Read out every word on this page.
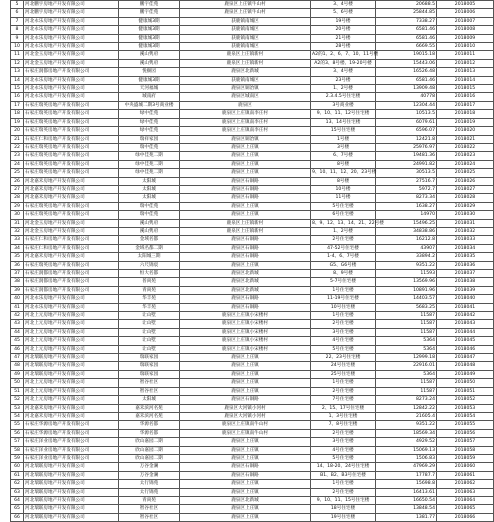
5	河北鹏宇房地产开发有限公司	鹏宇佳苑	鹿泉区上庄镇牛山村	3、4号楼	20688.5	2018005
6	河北鹏宇房地产开发有限公司	鹏宇佳苑	鹿泉区上庄镇牛山村	5、6号楼	25844.85	2018006
7	河北永乐房地产开发有限公司	健康城3期	获鹿镇南城区	19号楼	7338.27	2018007
8	河北永乐房地产开发有限公司	健康城3期	获鹿镇南城区	20号楼	6581.46	2018008
9	河北永乐房地产开发有限公司	健康城3期	获鹿镇南城区	21号楼	6581.46	2018009
10	河北永乐房地产开发有限公司	健康城3期	获鹿镇南城区	28号楼	6669.55	2018010
11	河北金玉房地产开发有限公司	溪山隽府	鹿泉区上庄镇新村	A2的1、2、6、7、10、11号楼	19015.18	2018011
12	河北金玉房地产开发有限公司	溪山隽府	鹿泉区上庄镇新村	A2的3、8号楼、19-20号楼	15443.06	2018012
13	石家庄润都房地产开发有限公司	悦颐园	鹿泉区北新城	3、4号楼	16526.48	2018013
14	河北永乐房地产开发有限公司	健康城3期	获鹿镇南城区	23号楼	6581.46	2018014
15	河北永乐房地产开发有限公司	天河福城	鹿泉区铜冶镇	1、2号楼	13909.48	2018015
16	河北永乐房地产开发有限公司	城南府	鹿泉区城南区	2.3.4.5号住宅楼	40778	2018016
17	石家庄瑞英房地产开发有限公司	中央盛城二期3号商业楼	鹿泉区	3号商业楼	12304.44	2018017
18	石家庄瑞英房地产开发有限公司	绿中佳苑	鹿泉区上庄镇南李庄村	9、10、11、12号住宅楼	10513.5	2018018
19	石家庄瑞英房地产开发有限公司	绿中佳苑	鹿泉区上庄镇南李庄村	13、14号住宅楼	6079.61	2018019
20	石家庄瑞英房地产开发有限公司	绿中佳苑	鹿泉区上庄镇南李庄村	15号住宅楼	6596.07	2018020
21	石家庄仁和房地产开发有限公司	瑞祥家园	鹿泉区铜冶镇	1号楼	12421.8	2018021
22	石家庄瑞英房地产开发有限公司	瑞中佳苑	鹿泉区上庄镇	3号楼	25976.97	2018022
23	石家庄瑞英房地产开发有限公司	绿中佳苑二期	鹿泉区上庄镇	6、7号楼	19481.36	2018023
24	石家庄瑞英房地产开发有限公司	绿中佳苑二期	鹿泉区上庄镇	8号楼	24991.82	2018024
25	石家庄瑞英房地产开发有限公司	绿中佳苑二期	鹿泉区上庄镇	9、10、11、12、20、23号楼	30513.5	2018025
26	河北嘉禾房地产开发有限公司	太阳城	鹿泉区石铜路	8号楼	27516.7	2018026
27	河北嘉禾房地产开发有限公司	太阳城	鹿泉区石铜路	10号楼	5972.7	2018027
28	河北嘉禾房地产开发有限公司	太阳城	鹿泉区石铜路	11号楼	8273.34	2018028
29	石家庄瑞英房地产开发有限公司	瑞中佳苑	鹿泉区上庄镇	5号住宅楼	1638.27	2018029
30	石家庄瑞英房地产开发有限公司	瑞中佳苑	鹿泉区上庄镇	6号住宅楼	14970	2018030
31	河北金玉房地产开发有限公司	溪山隽府	鹿泉区上庄镇新村	8、9、12、13、14、21、22号楼	15496.25	2018031
32	河北金玉房地产开发有限公司	溪山隽府	鹿泉区上庄镇新村	1、2号楼	34838.86	2018032
33	石家庄仁和房地产开发有限公司	金域名都	鹿泉区石铜路	2号住宅楼	16212.8	2018033
34	石家庄仁和房地产开发有限公司	金域名都二期	鹿泉区石铜路	47-52号住宅楼	43907	2018034
35	河北嘉禾房地产开发有限公司	太阳城三期	鹿泉区石铜路	1-4、6、7号楼	33894.2	2018035
36	石家庄瑞英房地产开发有限公司	六尺锦宸	鹿泉区上庄镇	G5、G6号楼	9351.22	2018036
37	石家庄润都房地产开发有限公司	恒大名都	鹿泉区北新城	8、9号楼	11593	2018037
38	石家庄润都房地产开发有限公司	普尚苑	鹿泉区北新城	5-7号住宅楼	13569.96	2018038
39	石家庄润都房地产开发有限公司	青尚苑	鹿泉区北新城	1号住宅楼	10891.96	2018039
40	河北永乐房地产开发有限公司	华丰苑	鹿泉区石铜路	11-19号住宅楼	14403.57	2018040
41	河北永乐房地产开发有限公司	华丰苑	鹿泉区石铜路	10号住宅楼	5683.25	2018041
42	河北上元房地产开发有限公司	让山墅	鹿泉区上庄镇小宋楼村	1号住宅楼	11587	2018042
43	河北上元房地产开发有限公司	让山墅	鹿泉区上庄镇小宋楼村	2号住宅楼	11587	2018043
44	河北上元房地产开发有限公司	让山墅	鹿泉区上庄镇小宋楼村	3号住宅楼	11587	2018044
45	河北上元房地产开发有限公司	让山墅	鹿泉区上庄镇小宋楼村	4号住宅楼	5364	2018045
46	河北上元房地产开发有限公司	让山墅	鹿泉区上庄镇小宋楼村	5号住宅楼	5364	2018046
47	河北瑞联房地产开发有限公司	瑞联家园	鹿泉区上庄镇	22、23号住宅楼	12999.18	2018047
48	河北瑞联房地产开发有限公司	瑞联家园	鹿泉区上庄镇	24号住宅楼	22916.01	2018048
49	河北瑞联房地产开发有限公司	瑞联家园	鹿泉区上庄镇	25号住宅楼	5364	2018049
50	河北上元房地产开发有限公司	智谷社区	鹿泉区上庄镇	1号住宅楼	11587	2018050
51	河北上元房地产开发有限公司	智谷社区	鹿泉区上庄镇	2号住宅楼	11587	2018051
52	河北上元房地产开发有限公司	太阳城	鹿泉区石铜路	7号住宅楼	8273.24	2018052
53	河北嘉禾房地产开发有限公司	嘉禾滨河名苑	鹿泉区大河镇小河村	2、15、17号住宅楼	12842.22	2018053
54	河北嘉禾房地产开发有限公司	嘉禾滨河名苑	鹿泉区大河镇小河村	1、3号住宅楼	21605.4	2018054
55	石家庄华源房地产开发有限公司	华源名都	鹿泉区上庄镇南牛山村	7、8号住宅楼	9351.22	2018055
56	石家庄华源房地产开发有限公司	华源名都	鹿泉区上庄镇南牛山村	2号住宅楼	18569.34	2018056
57	石家庄泽业房地产开发有限公司	欣山嘉园二期	鹿泉区上庄镇	3号住宅楼	4929.52	2018057
58	石家庄泽业房地产开发有限公司	欣山嘉园二期	鹿泉区上庄镇	4号住宅楼	15069.13	2018058
59	石家庄泽业房地产开发有限公司	欣山嘉园二期	鹿泉区上庄镇	5号住宅楼	1506.83	2018059
60	河北瑞联房地产开发有限公司	万谷金澜	鹿泉区石铜路	14、18-20、24号住宅楼	47969.29	2018060
61	河北瑞联房地产开发有限公司	万谷金澜	鹿泉区石铜路	B1、B2、B3号住宅楼	17787.7	2018061
62	河北瑞联房地产开发有限公司	太行锦苑	鹿泉区上庄镇	1号住宅楼	15698.8	2018062
63	河北瑞联房地产开发有限公司	太行锦苑	鹿泉区上庄镇	2号住宅楼	16413.61	2018063
64	河北瑞联房地产开发有限公司	青尚苑	鹿泉区北新城	9、10、11、15号住宅楼	16650.54	2018064
65	河北瑞联房地产开发有限公司	智谷社区	鹿泉区上庄镇	18号住宅楼	13848.54	2018065
66	河北瑞联房地产开发有限公司	智谷社区	鹿泉区上庄镇	19号住宅楼	1381.77	2018066
